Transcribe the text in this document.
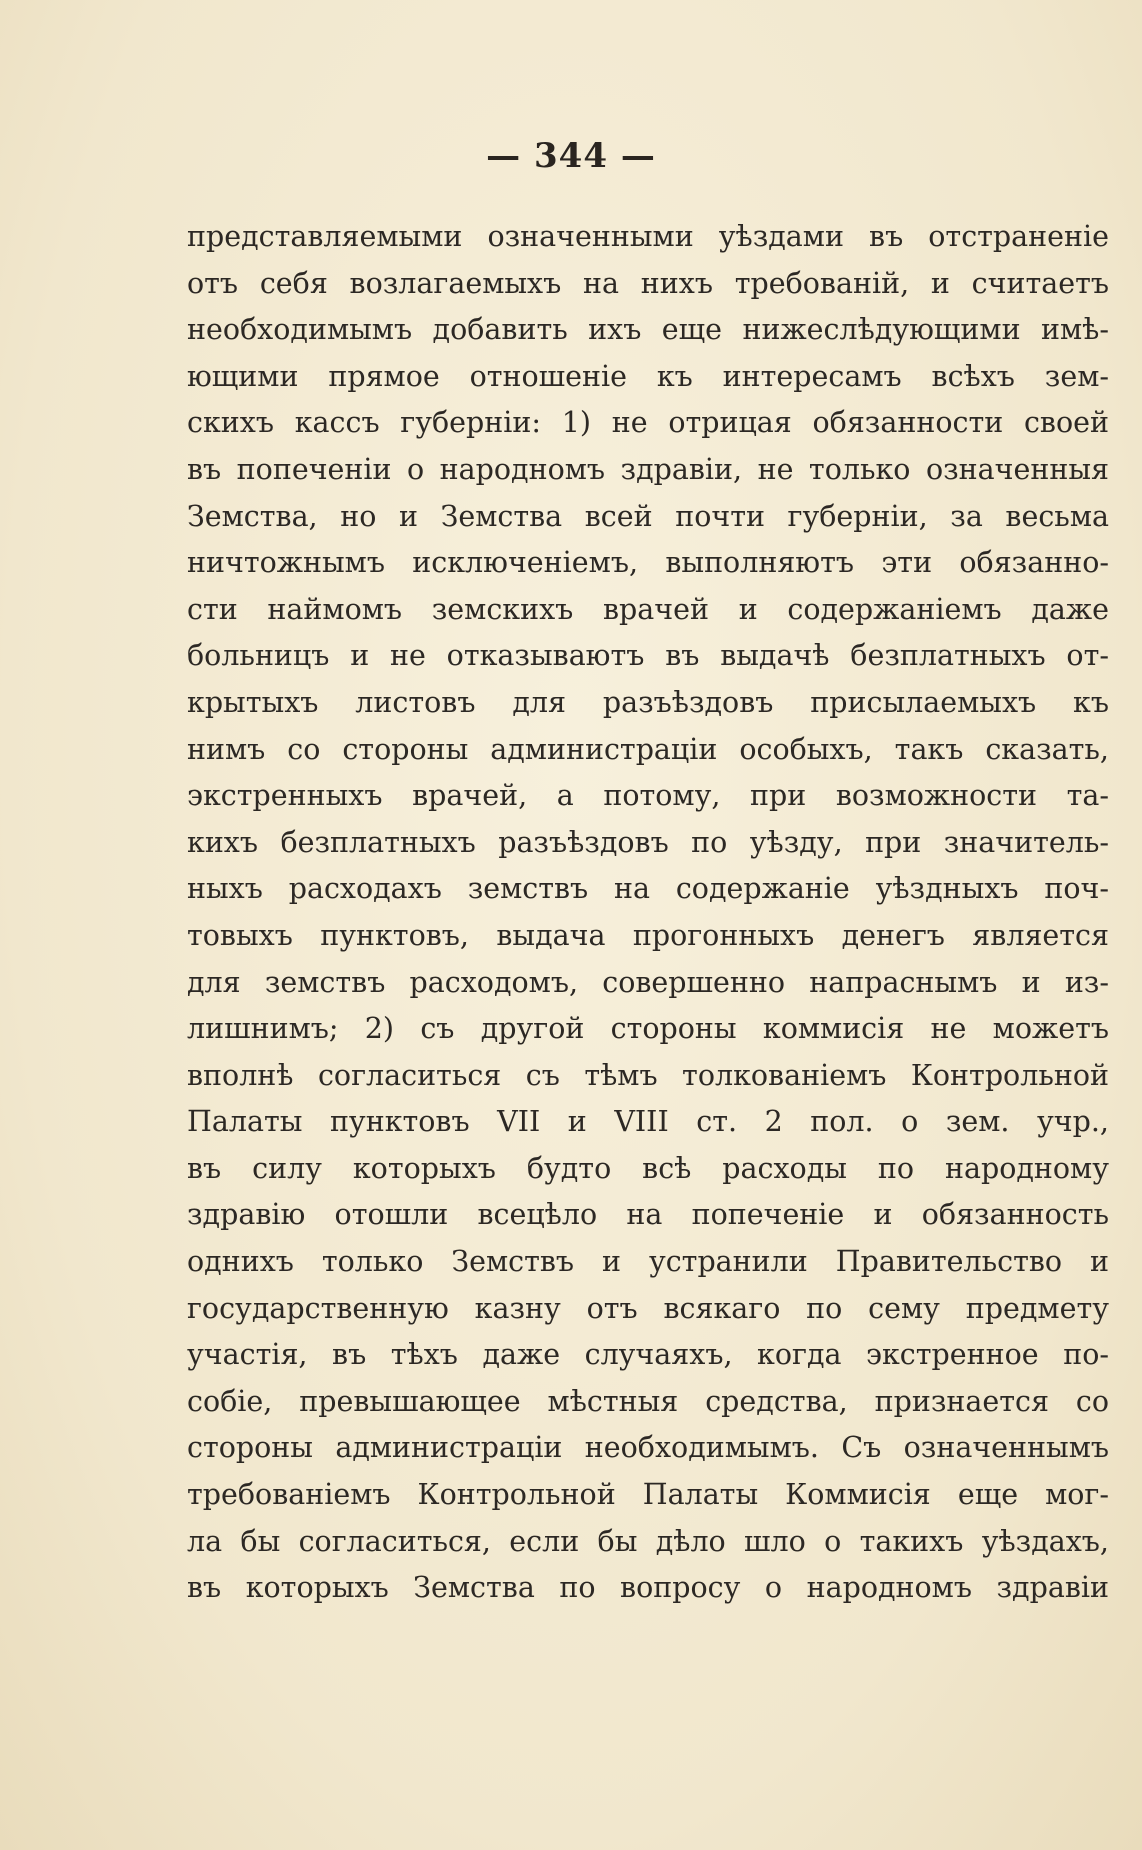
— 344 —
представляемыми означенными уѣздами въ отстраненіе
отъ себя возлагаемыхъ на нихъ требованій, и считаетъ
необходимымъ добавить ихъ еще нижеслѣдующими имѣ-
ющими прямое отношеніе къ интересамъ всѣхъ зем-
скихъ кассъ губерніи: 1) не отрицая обязанности своей
въ попеченіи о народномъ здравіи, не только означенныя
Земства, но и Земства всей почти губерніи, за весьма
ничтожнымъ исключеніемъ, выполняютъ эти обязанно-
сти наймомъ земскихъ врачей и содержаніемъ даже
больницъ и не отказываютъ въ выдачѣ безплатныхъ от-
крытыхъ листовъ для разъѣздовъ присылаемыхъ къ
нимъ со стороны администраціи особыхъ, такъ сказать,
экстренныхъ врачей, а потому, при возможности та-
кихъ безплатныхъ разъѣздовъ по уѣзду, при значитель-
ныхъ расходахъ земствъ на содержаніе уѣздныхъ поч-
товыхъ пунктовъ, выдача прогонныхъ денегъ является
для земствъ расходомъ, совершенно напраснымъ и из-
лишнимъ; 2) съ другой стороны коммисія не можетъ
вполнѣ согласиться съ тѣмъ толкованіемъ Контрольной
Палаты пунктовъ VII и VIII ст. 2 пол. о зем. учр.,
въ силу которыхъ будто всѣ расходы по народному
здравію отошли всецѣло на попеченіе и обязанность
однихъ только Земствъ и устранили Правительство и
государственную казну отъ всякаго по сему предмету
участія, въ тѣхъ даже случаяхъ, когда экстренное по-
собіе, превышающее мѣстныя средства, признается со
стороны администраціи необходимымъ. Съ означеннымъ
требованіемъ Контрольной Палаты Коммисія еще мог-
ла бы согласиться, если бы дѣло шло о такихъ уѣздахъ,
въ которыхъ Земства по вопросу о народномъ здравіи
